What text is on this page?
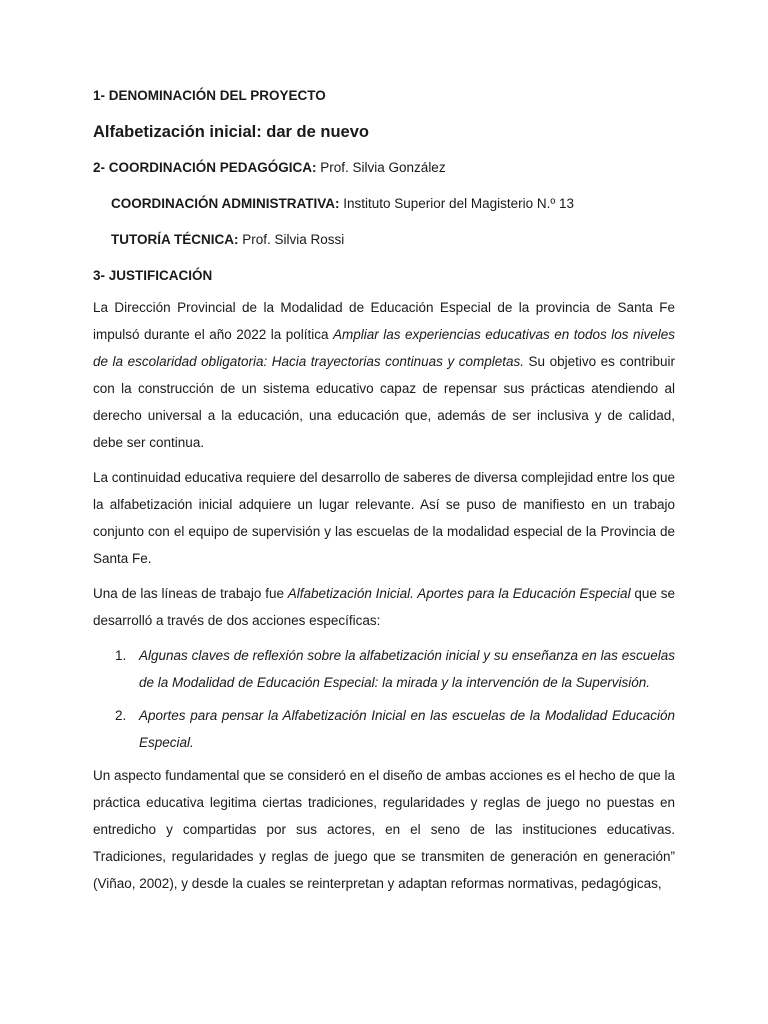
1- DENOMINACIÓN DEL PROYECTO
Alfabetización inicial: dar de nuevo
2- COORDINACIÓN PEDAGÓGICA: Prof. Silvia González
COORDINACIÓN ADMINISTRATIVA: Instituto Superior del Magisterio N.º 13
TUTORÍA TÉCNICA: Prof. Silvia Rossi
3- JUSTIFICACIÓN

La Dirección Provincial de la Modalidad de Educación Especial de la provincia de Santa Fe impulsó durante el año 2022 la política Ampliar las experiencias educativas en todos los niveles de la escolaridad obligatoria: Hacia trayectorias continuas y completas. Su objetivo es contribuir con la construcción de un sistema educativo capaz de repensar sus prácticas atendiendo al derecho universal a la educación, una educación que, además de ser inclusiva y de calidad, debe ser continua.

La continuidad educativa requiere del desarrollo de saberes de diversa complejidad entre los que la alfabetización inicial adquiere un lugar relevante. Así se puso de manifiesto en un trabajo conjunto con el equipo de supervisión y las escuelas de la modalidad especial de la Provincia de Santa Fe.

Una de las líneas de trabajo fue Alfabetización Inicial. Aportes para la Educación Especial que se desarrolló a través de dos acciones específicas:

1. Algunas claves de reflexión sobre la alfabetización inicial y su enseñanza en las escuelas de la Modalidad de Educación Especial: la mirada y la intervención de la Supervisión.
2. Aportes para pensar la Alfabetización Inicial en las escuelas de la Modalidad Educación Especial.

Un aspecto fundamental que se consideró en el diseño de ambas acciones es el hecho de que la práctica educativa legitima ciertas tradiciones, regularidades y reglas de juego no puestas en entredicho y compartidas por sus actores, en el seno de las instituciones educativas. Tradiciones, regularidades y reglas de juego que se transmiten de generación en generación” (Viñao, 2002), y desde la cuales se reinterpretan y adaptan reformas normativas, pedagógicas,
